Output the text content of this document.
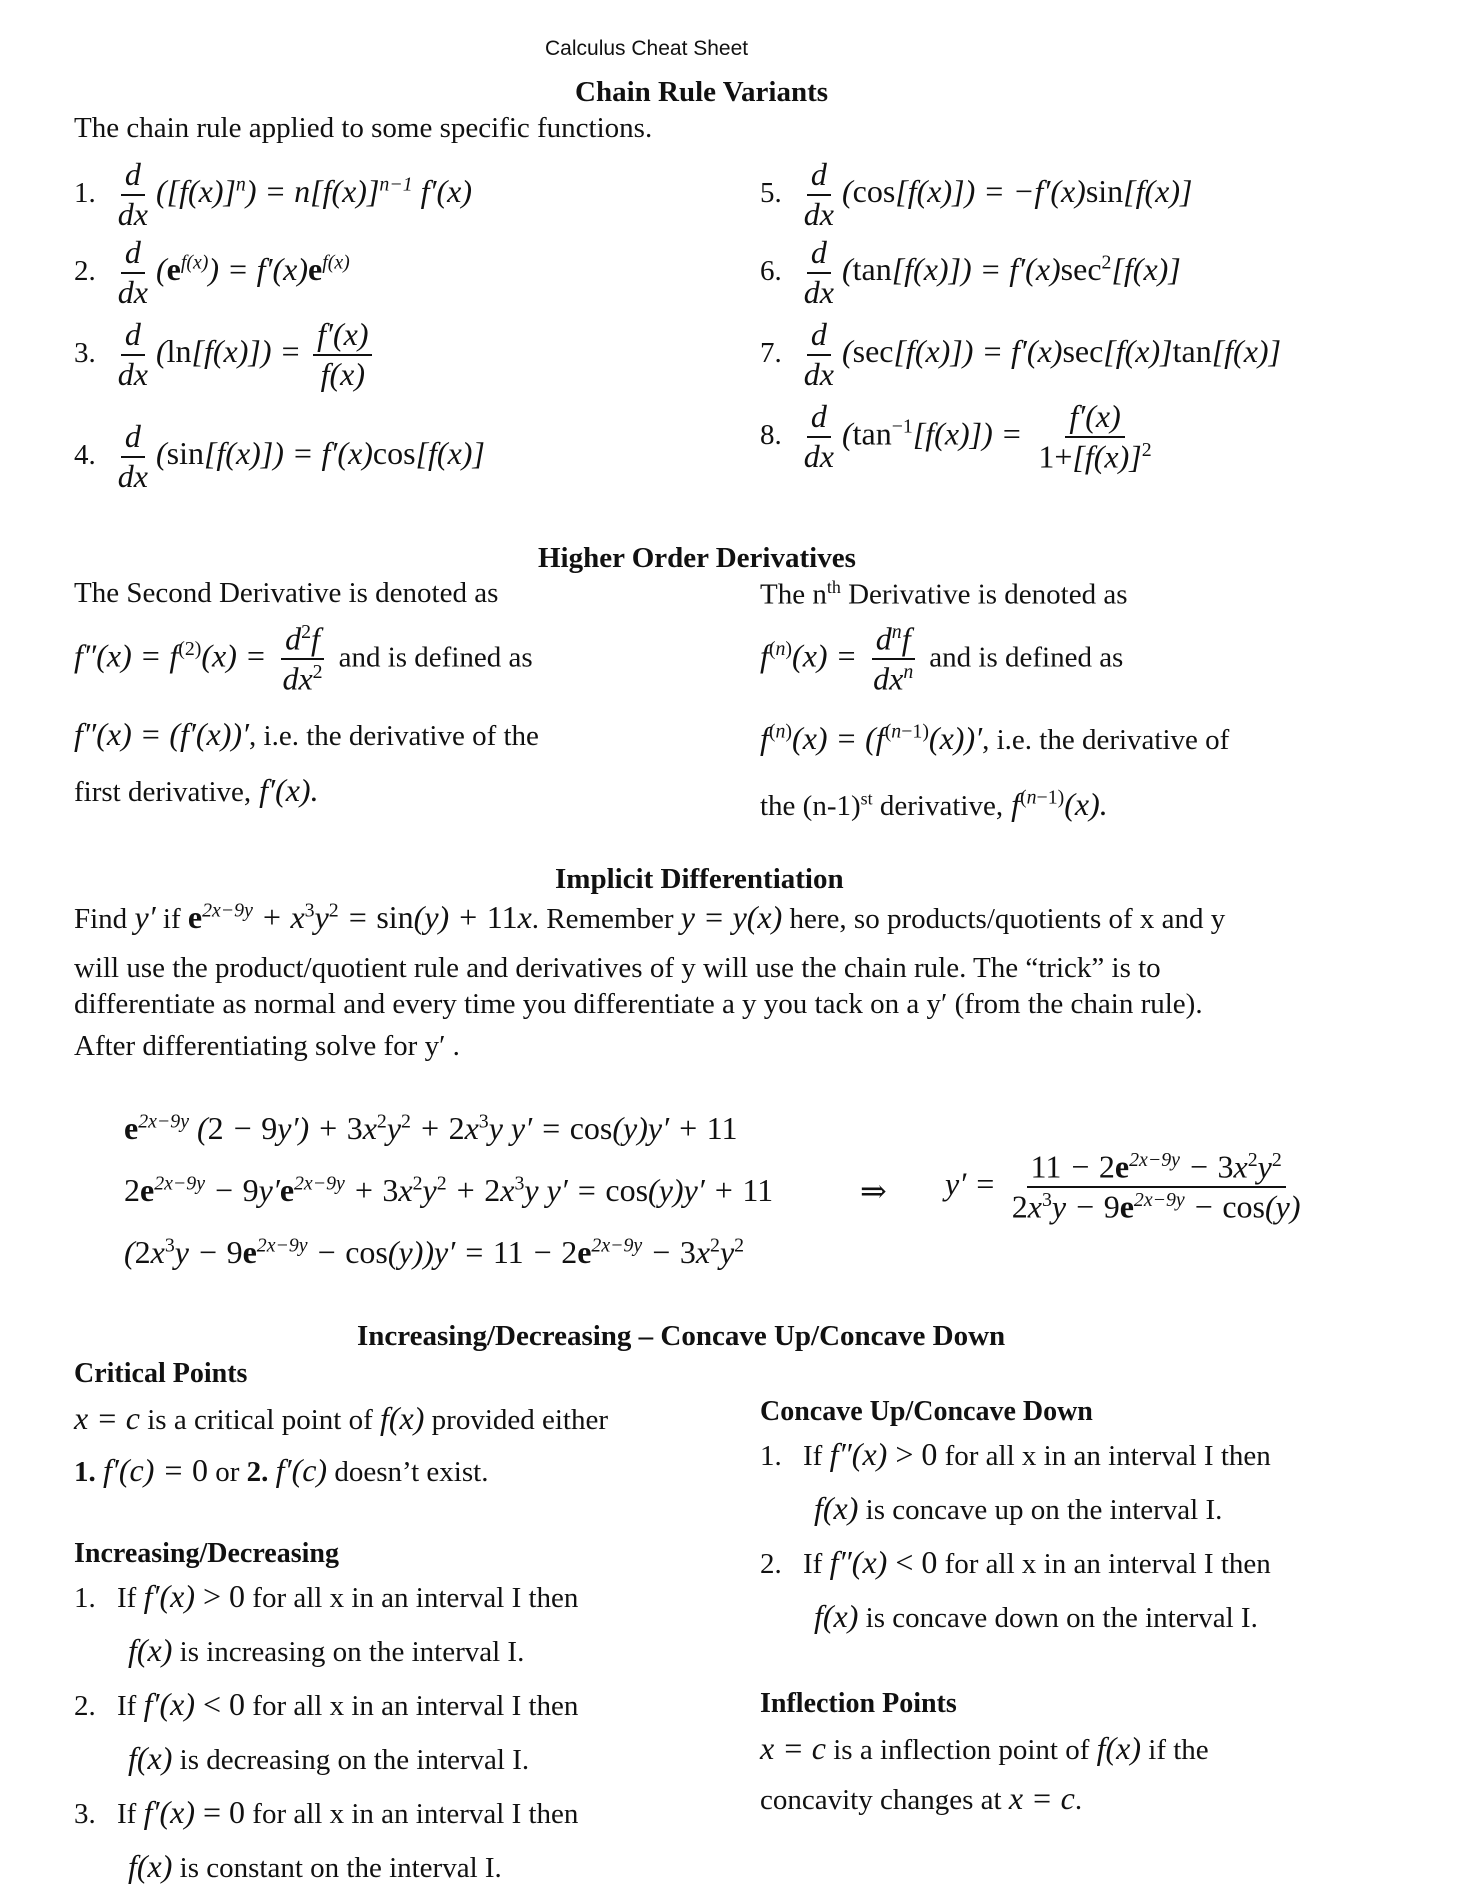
Calculus Cheat Sheet
Chain Rule Variants
The chain rule applied to some specific functions.
1. $\frac{d}{dx} ([f(x)]^n) = n[f(x)]^{n-1}$ f′(x)
2. $\frac{d}{dx} (e^{f(x)}) = f'(x)e^{f(x)}$
3. $\frac{d}{dx} (\ln[f(x)]) = \frac{f'(x)}{f(x)}$
4. $\frac{d}{dx} (\sin[f(x)]) = f'(x)\cos[f(x)]$
5. $\frac{d}{dx} (\cos[f(x)]) = -f'(x)\sin[f(x)]$
6. $\frac{d}{dx} (\tan[f(x)]) = f'(x)\sec^2[f(x)]$
7. $\frac{d}{dx} (\sec[f(x)]) = f'(x)\sec[f(x)]\tan[f(x)]$
8. $\frac{d}{dx} (\tan^{-1}[f(x)]) = \frac{f'(x)}{1+[f(x)]^2}$
Higher Order Derivatives
The Second Derivative is denoted as
$f''(x) = f^{(2)}(x) = \frac{d^2f}{dx^2}$ and is defined as
f″(x) = (f′(x))′, i.e. the derivative of the
first derivative, f′(x).
The $n^{th}$ Derivative is denoted as
$f^{(n)}(x) = \frac{d^nf}{dx^n}$ and is defined as
$f^{(n)}(x) = (f^{(n-1)}(x))'$, i.e. the derivative of
the $(n-1)^{st}$ derivative, $f^{(n-1)}(x)$.
Implicit Differentiation
Find y′ if $e^{2x-9y} + x^3y^2 = \sin(y) + 11x$. Remember y = y(x) here, so products/quotients of x and y
will use the product/quotient rule and derivatives of y will use the chain rule. The “trick” is to
differentiate as normal and every time you differentiate a y you tack on a y′ (from the chain rule).
After differentiating solve for y′ .
$e^{2x-9y}$ $(2 - 9y') + 3x^2y^2 + 2x^3y$ y′ = cos(y)y′ + 11
$2e^{2x-9y} - 9y'e^{2x-9y} + 3x^2y^2 + 2x^3y$ y′ = cos(y)y′ + 11
$(2x^3y - 9e^{2x-9y} - \cos(y))y' = 11 - 2e^{2x-9y} - 3x^2y^2$
⇒ $y' = \frac{11 - 2e^{2x-9y} - 3x^2y^2}{2x^3y - 9e^{2x-9y} - \cos(y)}$
Increasing/Decreasing – Concave Up/Concave Down
Critical Points
x = c is a critical point of f(x) provided either
1. f′(c) = 0 or 2. f′(c) doesn’t exist.
Increasing/Decreasing
1. If f′(x) > 0 for all x in an interval I then
f(x) is increasing on the interval I.
2. If f′(x) < 0 for all x in an interval I then
f(x) is decreasing on the interval I.
3. If f′(x) = 0 for all x in an interval I then
f(x) is constant on the interval I.
Concave Up/Concave Down
1. If f″(x) > 0 for all x in an interval I then
f(x) is concave up on the interval I.
2. If f″(x) < 0 for all x in an interval I then
f(x) is concave down on the interval I.
Inflection Points
x = c is a inflection point of f(x) if the
concavity changes at x = c.
